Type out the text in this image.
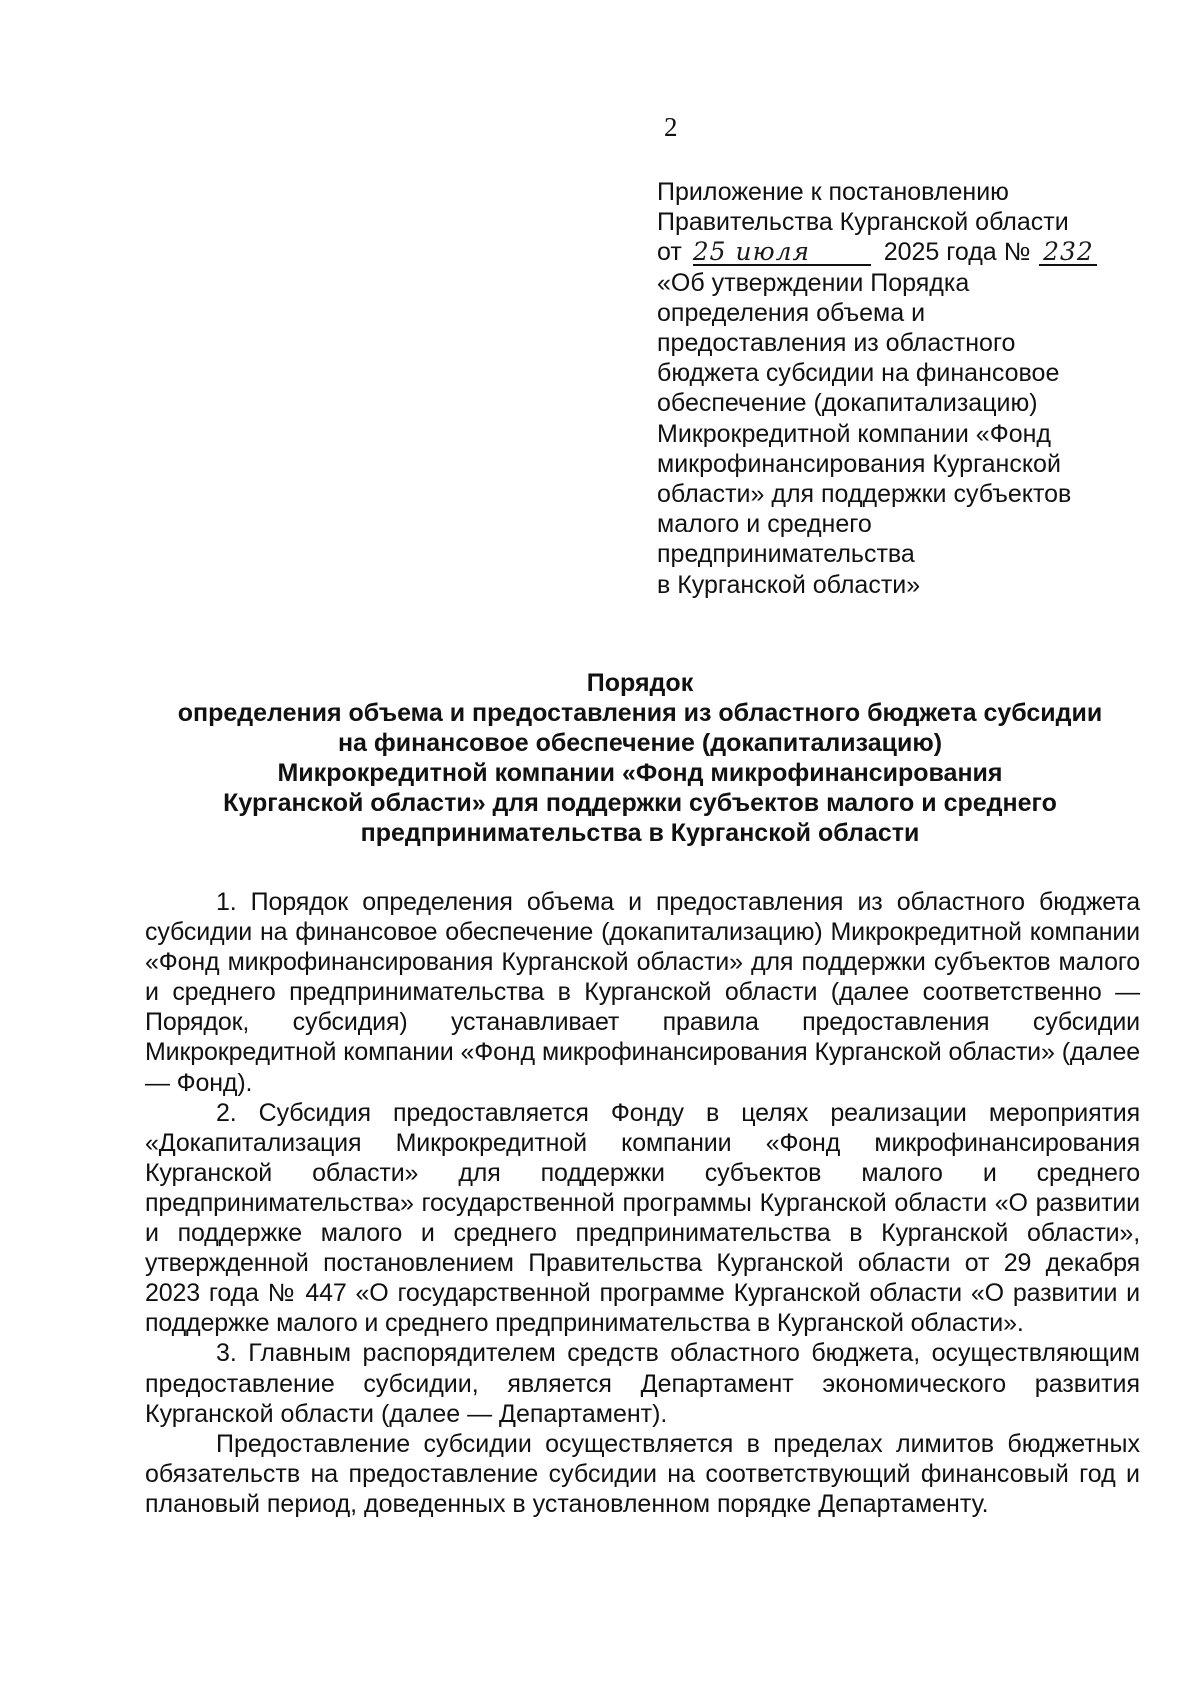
2
Приложение к постановлению
Правительства Курганской области
от 25 июля	2025 года № 232
«Об утверждении Порядка
определения объема и
предоставления из областного
бюджета субсидии на финансовое
обеспечение (докапитализацию)
Микрокредитной компании «Фонд
микрофинансирования Курганской
области» для поддержки субъектов
малого и среднего
предпринимательства
в Курганской области»
Порядок
определения объема и предоставления из областного бюджета субсидии
на финансовое обеспечение (докапитализацию)
Микрокредитной компании «Фонд микрофинансирования
Курганской области» для поддержки субъектов малого и среднего
предпринимательства в Курганской области

1. Порядок определения объема и предоставления из областного бюджета субсидии на финансовое обеспечение (докапитализацию) Микрокредитной компании «Фонд микрофинансирования Курганской области» для поддержки субъектов малого и среднего предпринимательства в Курганской области (далее соответственно — Порядок, субсидия) устанавливает правила предоставления субсидии Микрокредитной компании «Фонд микрофинансирования Курганской области» (далее — Фонд).

2. Субсидия предоставляется Фонду в целях реализации мероприятия «Докапитализация Микрокредитной компании «Фонд микрофинансирования Курганской области» для поддержки субъектов малого и среднего предпринимательства» государственной программы Курганской области «О развитии и поддержке малого и среднего предпринимательства в Курганской области», утвержденной постановлением Правительства Курганской области от 29 декабря 2023 года № 447 «О государственной программе Курганской области «О развитии и поддержке малого и среднего предпринимательства в Курганской области».

3. Главным распорядителем средств областного бюджета, осуществляющим предоставление субсидии, является Департамент экономического развития Курганской области (далее — Департамент).

Предоставление субсидии осуществляется в пределах лимитов бюджетных обязательств на предоставление субсидии на соответствующий финансовый год и плановый период, доведенных в установленном порядке Департаменту.
